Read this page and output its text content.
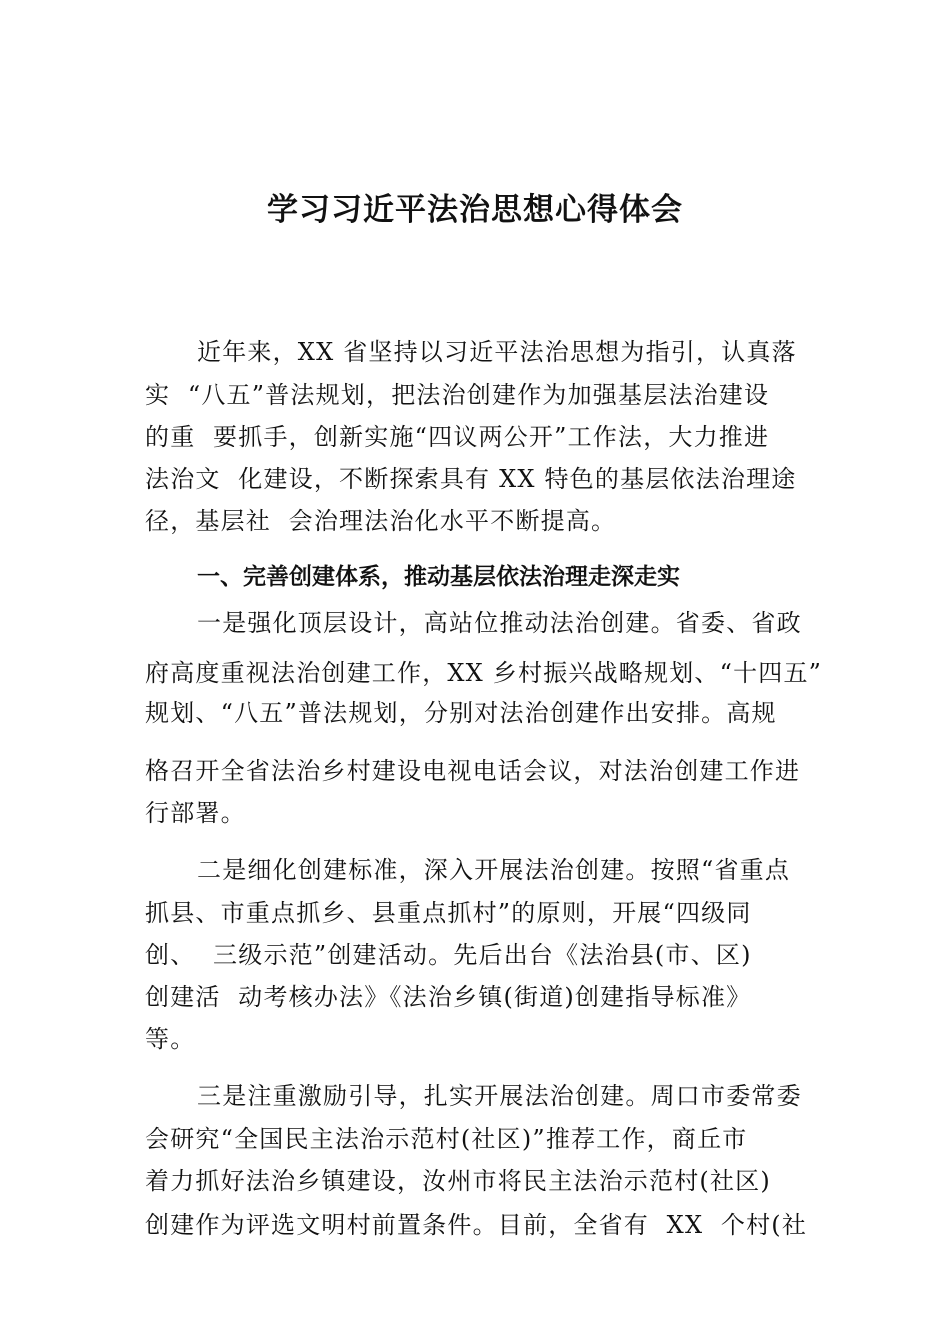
学习习近平法治思想心得体会
近年来，XX 省坚持以习近平法治思想为指引，认真落
实  “八五”普法规划，把法治创建作为加强基层法治建设
的重  要抓手，创新实施“四议两公开”工作法，大力推进
法治文  化建设，不断探索具有 XX 特色的基层依法治理途
径，基层社  会治理法治化水平不断提高。
一、完善创建体系，推动基层依法治理走深走实
一是强化顶层设计，高站位推动法治创建。省委、省政
府高度重视法治创建工作，XX 乡村振兴战略规划、“十四五”
规划、“八五”普法规划，分别对法治创建作出安排。高规
格召开全省法治乡村建设电视电话会议，对法治创建工作进
行部署。
二是细化创建标准，深入开展法治创建。按照“省重点
抓县、市重点抓乡、县重点抓村”的原则，开展“四级同
创、  三级示范”创建活动。先后出台《法治县(市、区)
创建活  动考核办法》《法治乡镇(街道)创建指导标准》
等。
三是注重激励引导，扎实开展法治创建。周口市委常委
会研究“全国民主法治示范村(社区)”推荐工作，商丘市
着力抓好法治乡镇建设，汝州市将民主法治示范村(社区)
创建作为评选文明村前置条件。目前，全省有  XX  个村(社
